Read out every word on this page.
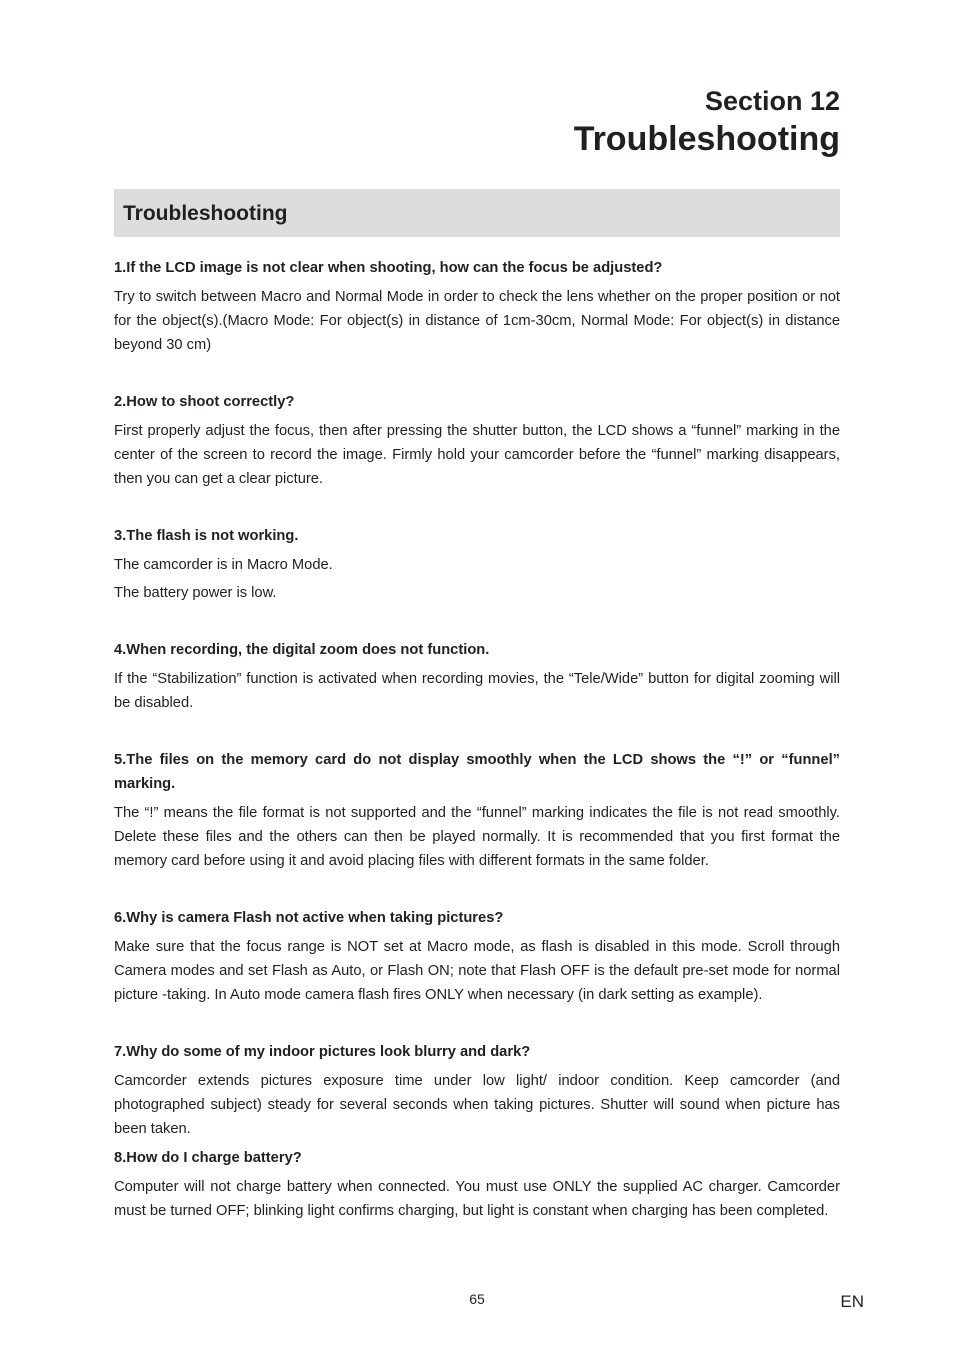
Section 12
Troubleshooting
Troubleshooting

1.If the LCD image is not clear when shooting, how can the focus be adjusted?

Try to switch between Macro and Normal Mode in order to check the lens whether on the proper position or not for the object(s).(Macro Mode: For object(s) in distance of 1cm-30cm, Normal Mode: For object(s) in distance beyond 30 cm)

2.How to shoot correctly?

First properly adjust the focus, then after pressing the shutter button, the LCD shows a “funnel” marking in the center of the screen to record the image. Firmly hold your camcorder before the “funnel” marking disappears, then you can get a clear picture.

3.The flash is not working.

The camcorder is in Macro Mode.

The battery power is low.

4.When recording, the digital zoom does not function.

If the “Stabilization” function is activated when recording movies, the “Tele/Wide” button for digital zooming will be disabled.

5.The files on the memory card do not display smoothly when the LCD shows the “!” or “funnel” marking.

The “!” means the file format is not supported and the “funnel” marking indicates the file is not read smoothly. Delete these files and the others can then be played normally. It is recommended that you first format the memory card before using it and avoid placing files with different formats in the same folder.

6.Why is camera Flash not active when taking pictures?

Make sure that the focus range is NOT set at Macro mode, as flash is disabled in this mode. Scroll through Camera modes and set Flash as Auto, or Flash ON; note that Flash OFF is the default pre-set mode for normal picture -taking. In Auto mode camera flash fires ONLY when necessary (in dark setting as example).

7.Why do some of my indoor pictures look blurry and dark?

Camcorder extends pictures exposure time under low light/ indoor condition. Keep camcorder (and photographed subject) steady for several seconds when taking pictures. Shutter will sound when picture has been taken.

8.How do I charge battery?

Computer will not charge battery when connected. You must use ONLY the supplied AC charger. Camcorder must be turned OFF; blinking light confirms charging, but light is constant when charging has been completed.

65	EN
